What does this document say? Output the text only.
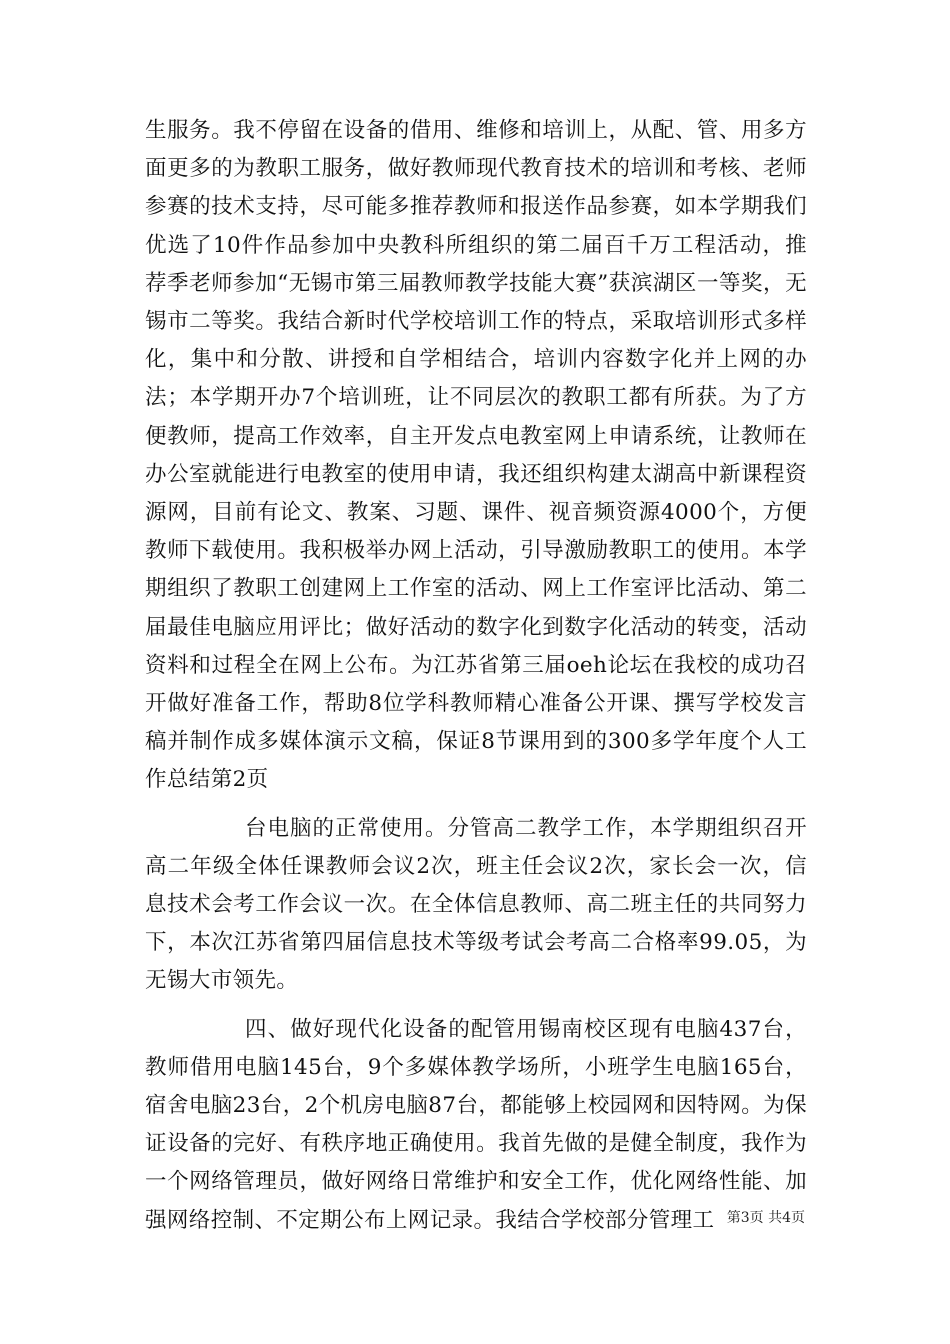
生服务。我不停留在设备的借用、维修和培训上，从配、管、用多方面更多的为教职工服务，做好教师现代教育技术的培训和考核、老师参赛的技术支持，尽可能多推荐教师和报送作品参赛，如本学期我们优选了10件作品参加中央教科所组织的第二届百千万工程活动，推荐季老师参加“无锡市第三届教师教学技能大赛”获滨湖区一等奖，无锡市二等奖。我结合新时代学校培训工作的特点，采取培训形式多样化，集中和分散、讲授和自学相结合，培训内容数字化并上网的办法；本学期开办7个培训班，让不同层次的教职工都有所获。为了方便教师，提高工作效率，自主开发点电教室网上申请系统，让教师在办公室就能进行电教室的使用申请，我还组织构建太湖高中新课程资源网，目前有论文、教案、习题、课件、视音频资源4000个，方便教师下载使用。我积极举办网上活动，引导激励教职工的使用。本学期组织了教职工创建网上工作室的活动、网上工作室评比活动、第二届最佳电脑应用评比；做好活动的数字化到数字化活动的转变，活动资料和过程全在网上公布。为江苏省第三届oeh论坛在我校的成功召开做好准备工作，帮助8位学科教师精心准备公开课、撰写学校发言稿并制作成多媒体演示文稿，保证8节课用到的300多学年度个人工作总结第2页

台电脑的正常使用。分管高二教学工作，本学期组织召开高二年级全体任课教师会议2次，班主任会议2次，家长会一次，信息技术会考工作会议一次。在全体信息教师、高二班主任的共同努力下，本次江苏省第四届信息技术等级考试会考高二合格率99.05，为无锡大市领先。

四、做好现代化设备的配管用锡南校区现有电脑437台，教师借用电脑145台，9个多媒体教学场所，小班学生电脑165台，宿舍电脑23台，2个机房电脑87台，都能够上校园网和因特网。为保证设备的完好、有秩序地正确使用。我首先做的是健全制度，我作为一个网络管理员，做好网络日常维护和安全工作，优化网络性能、加强网络控制、不定期公布上网记录。我结合学校部分管理工 第3页 共4页
